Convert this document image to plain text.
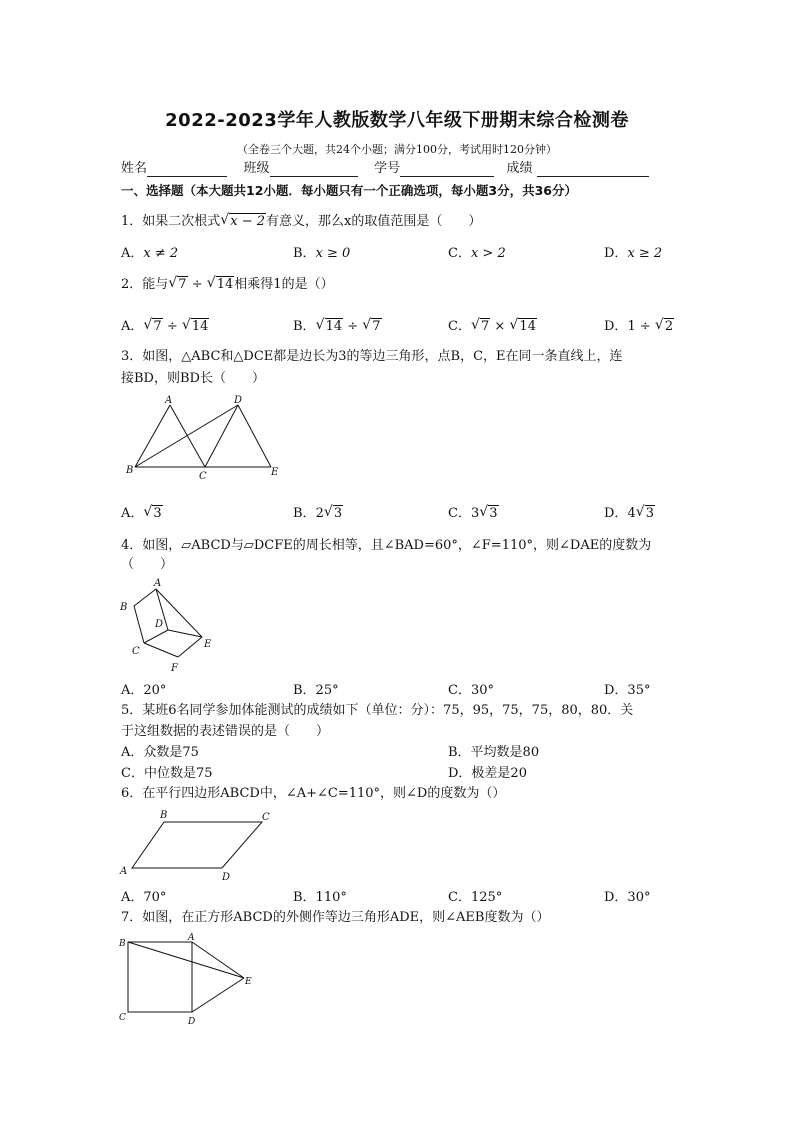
2022-2023学年人教版数学八年级下册期末综合检测卷
（全卷三个大题，共24个小题；满分100分，考试用时120分钟）
姓名	班级	学号	成绩
一、选择题（本大题共12小题．每小题只有一个正确选项，每小题3分，共36分）
1．如果二次根式 √ x − 2有意义，那么x的取值范围是（　　）
A．x ≠ 2	B．x ≥ 0	C．x > 2	D．x ≥ 2
2．能与 √ 7 ÷ √ 14相乘得1的是（）
A． √ 7 ÷ √ 14	B． √ 14 ÷ √ 7	C． √ 7 × √ 14	D．1 ÷ √ 2
3．如图，△ABC和△DCE都是边长为3的等边三角形，点B，C，E在同一条直线上，连
接BD，则BD长（　　）
A	D
B
C	E
A． √ 3	B．2 √ 3	C．3 √ 3	D．4 √ 3
4．如图，▱ABCD与▱DCFE的周长相等，且∠BAD=60°，∠F=110°，则∠DAE的度数为
（　　）
A
B
D
E
C
F
A．20°	B．25°	C．30°	D．35°
5．某班6名同学参加体能测试的成绩如下（单位：分）：75，95，75，75，80，80．关
于这组数据的表述错误的是（　　）
A．众数是75	B．平均数是80
C．中位数是75	D．极差是20
6．在平行四边形ABCD中，∠A+∠C=110°，则∠D的度数为（）
B	C
A
D
A．70°	B．110°	C．125°	D．30°
7．如图，在正方形ABCD的外侧作等边三角形ADE，则∠AEB度数为（）
B
A
E
C	D
